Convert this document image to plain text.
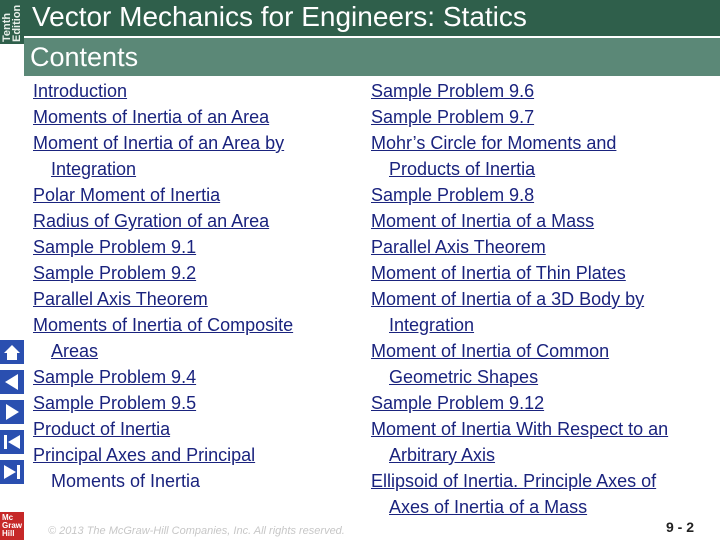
Tenth
Edition
Mc
Graw
Hill
Vector Mechanics for Engineers: Statics
Contents
Introduction
Moments of Inertia of an Area
Moment of Inertia of an Area by
Integration
Polar Moment of Inertia
Radius of Gyration of an Area
Sample Problem 9.1
Sample Problem 9.2
Parallel Axis Theorem
Moments of Inertia of Composite
Areas
Sample Problem 9.4
Sample Problem 9.5
Product of Inertia
Principal Axes and Principal
Moments of Inertia
Sample Problem 9.6
Sample Problem 9.7
Mohr’s Circle for Moments and
Products of Inertia
Sample Problem 9.8
Moment of Inertia of a Mass
Parallel Axis Theorem
Moment of Inertia of Thin Plates
Moment of Inertia of a 3D Body by
Integration
Moment of Inertia of Common
Geometric Shapes
Sample Problem 9.12
Moment of Inertia With Respect to an
Arbitrary Axis
Ellipsoid of Inertia. Principle Axes of
Axes of Inertia of a Mass
© 2013 The McGraw-Hill Companies, Inc. All rights reserved.	9 - 2
